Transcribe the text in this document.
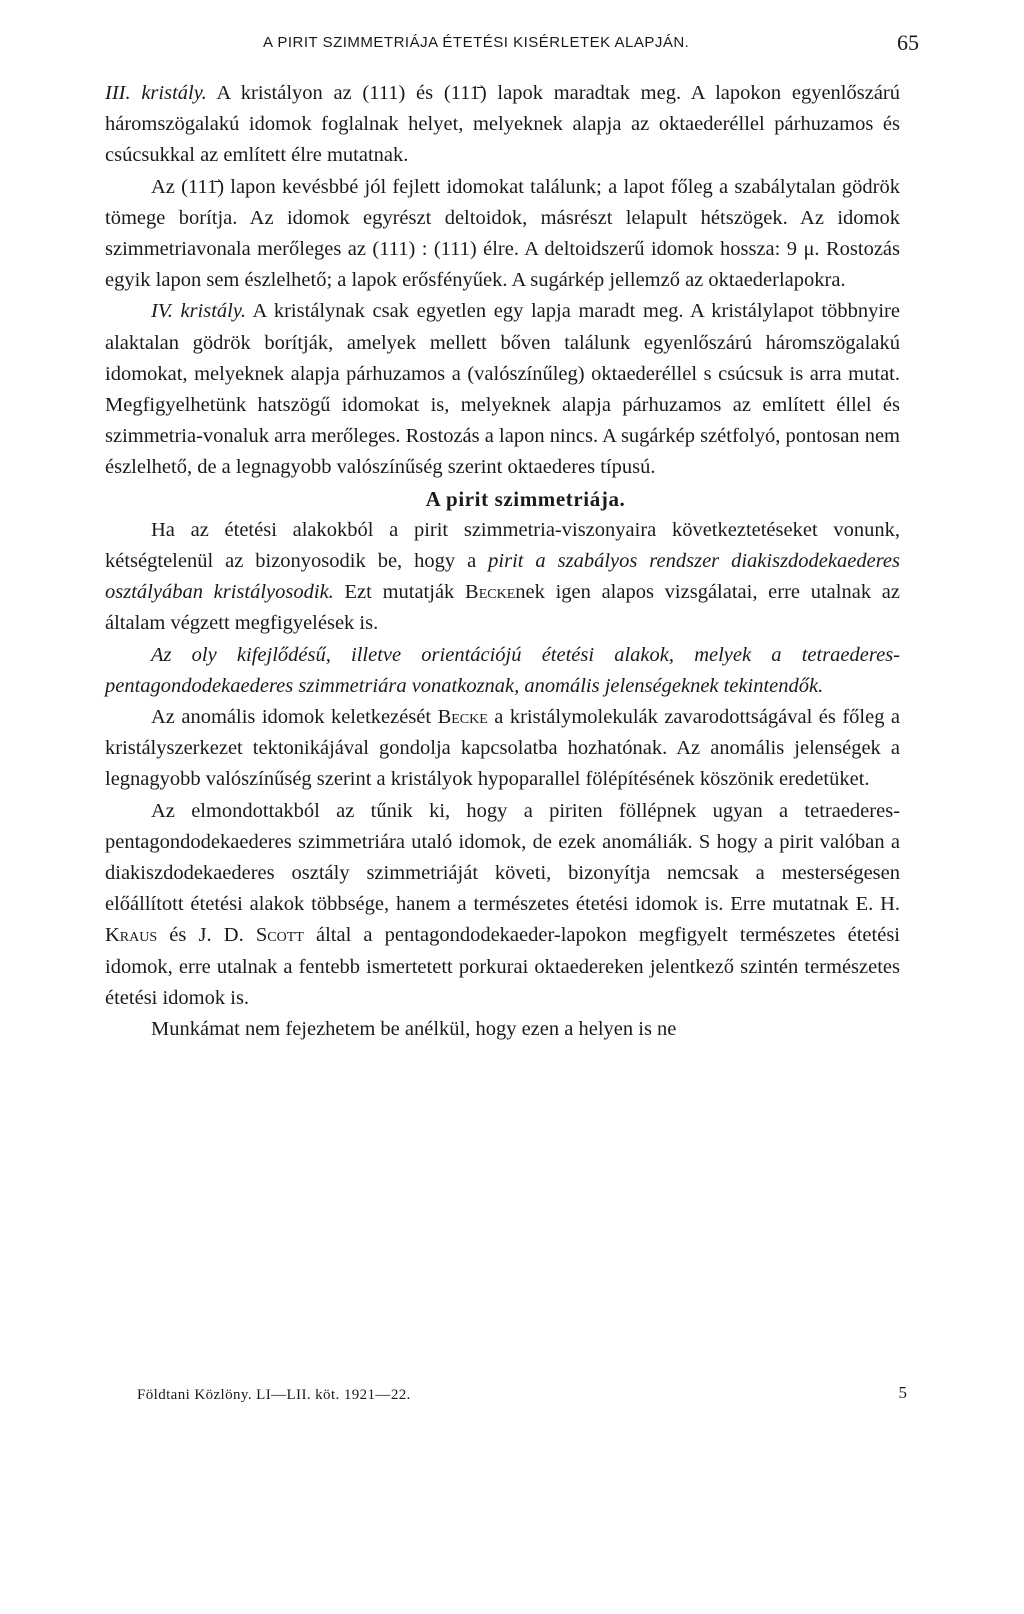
A PIRIT SZIMMETRIÁJA ÉTETÉSI KISÉRLETEK ALAPJÁN.	65

III. kristály. A kristályon az (111) és (111̄) lapok maradtak meg. A lapokon egyenlőszárú háromszögalakú idomok foglalnak helyet, melyeknek alapja az oktaederéllel párhuzamos és csúcsukkal az említett élre mutatnak.

Az (111̄) lapon kevésbbé jól fejlett idomokat találunk; a lapot főleg a szabálytalan gödrök tömege borítja. Az idomok egyrészt deltoidok, másrészt lelapult hétszögek. Az idomok szimmetriavonala merőleges az (111) : (111) élre. A deltoidszerű idomok hossza: 9 μ. Rostozás egyik lapon sem észlelhető; a lapok erősfényűek. A sugárkép jellemző az oktaederlapokra.

IV. kristály. A kristálynak csak egyetlen egy lapja maradt meg. A kristálylapot többnyire alaktalan gödrök borítják, amelyek mellett bőven találunk egyenlőszárú háromszögalakú idomokat, melyeknek alapja párhuzamos a (valószínűleg) oktaederéllel s csúcsuk is arra mutat. Megfigyelhetünk hatszögű idomokat is, melyeknek alapja párhuzamos az említett éllel és szimmetria-vonaluk arra merőleges. Rostozás a lapon nincs. A sugárkép szétfolyó, pontosan nem észlelhető, de a legnagyobb valószínűség szerint oktaederes típusú.

A pirit szimmetriája.

Ha az étetési alakokból a pirit szimmetria-viszonyaira következtetéseket vonunk, kétségtelenül az bizonyosodik be, hogy a pirit a szabályos rendszer diakiszdodekaederes osztályában kristályosodik. Ezt mutatják Beckenek igen alapos vizsgálatai, erre utalnak az általam végzett megfigyelések is.

Az oly kifejlődésű, illetve orientációjú étetési alakok, melyek a tetraederes-pentagondodekaederes szimmetriára vonatkoznak, anomális jelenségeknek tekintendők.

Az anomális idomok keletkezését Becke a kristálymolekulák zavarodottságával és főleg a kristályszerkezet tektonikájával gondolja kapcsolatba hozhatónak. Az anomális jelenségek a legnagyobb valószínűség szerint a kristályok hypoparallel fölépítésének köszönik eredetüket.

Az elmondottakból az tűnik ki, hogy a piriten föllépnek ugyan a tetraederes-pentagondodekaederes szimmetriára utaló idomok, de ezek anomáliák. S hogy a pirit valóban a diakiszdodekaederes osztály szimmetriáját követi, bizonyítja nemcsak a mesterségesen előállított étetési alakok többsége, hanem a természetes étetési idomok is. Erre mutatnak E. H. Kraus és J. D. Scott által a pentagondodekaeder-lapokon megfigyelt természetes étetési idomok, erre utalnak a fentebb ismertetett porkurai oktaedereken jelentkező szintén természetes étetési idomok is.

Munkámat nem fejezhetem be anélkül, hogy ezen a helyen is ne

Földtani Közlöny. LI—LII. köt. 1921—22.	5
